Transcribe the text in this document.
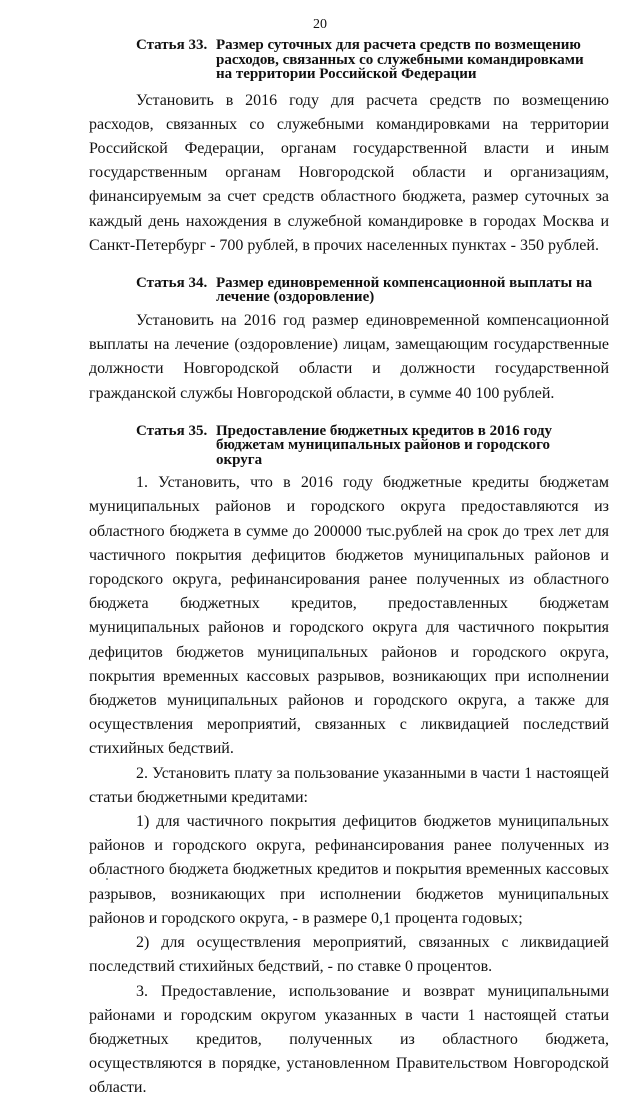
20
Статья 33. Размер суточных для расчета средств по возмещению расходов, связанных со служебными командировками на территории Российской Федерации

Установить в 2016 году для расчета средств по возмещению расходов, связанных со служебными командировками на территории Российской Федерации, органам государственной власти и иным государственным органам Новгородской области и организациям, финансируемым за счет средств областного бюджета, размер суточных за каждый день нахождения в служебной командировке в городах Москва и Санкт-Петербург - 700 рублей, в прочих населенных пунктах - 350 рублей.

Статья 34. Размер единовременной компенсационной выплаты на лечение (оздоровление)

Установить на 2016 год размер единовременной компенсационной выплаты на лечение (оздоровление) лицам, замещающим государственные должности Новгородской области и должности государственной гражданской службы Новгородской области, в сумме 40 100 рублей.

Статья 35. Предоставление бюджетных кредитов в 2016 году бюджетам муниципальных районов и городского округа

1. Установить, что в 2016 году бюджетные кредиты бюджетам муниципальных районов и городского округа предоставляются из областного бюджета в сумме до 200000 тыс.рублей на срок до трех лет для частичного покрытия дефицитов бюджетов муниципальных районов и городского округа, рефинансирования ранее полученных из областного бюджета бюджетных кредитов, предоставленных бюджетам муниципальных районов и городского округа для частичного покрытия дефицитов бюджетов муниципальных районов и городского округа, покрытия временных кассовых разрывов, возникающих при исполнении бюджетов муниципальных районов и городского округа, а также для осуществления мероприятий, связанных с ликвидацией последствий стихийных бедствий.

2. Установить плату за пользование указанными в части 1 настоящей статьи бюджетными кредитами:

1) для частичного покрытия дефицитов бюджетов муниципальных районов и городского округа, рефинансирования ранее полученных из областного бюджета бюджетных кредитов и покрытия временных кассовых разрывов, возникающих при исполнении бюджетов муниципальных районов и городского округа, - в размере 0,1 процента годовых;

2) для осуществления мероприятий, связанных с ликвидацией последствий стихийных бедствий, - по ставке 0 процентов.

3. Предоставление, использование и возврат муниципальными районами и городским округом указанных в части 1 настоящей статьи бюджетных кредитов, полученных из областного бюджета, осуществляются в порядке, установленном Правительством Новгородской области.
